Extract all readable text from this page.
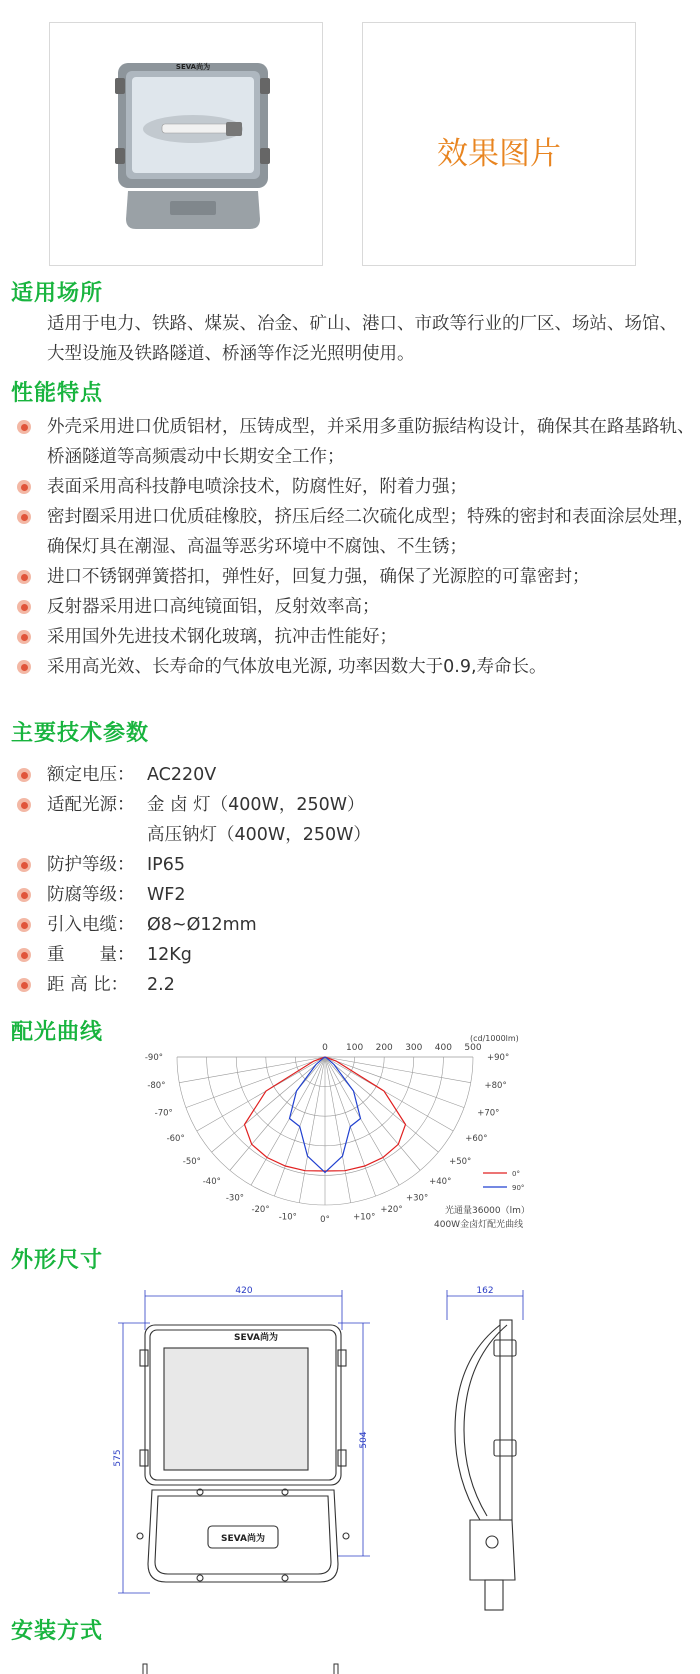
SEVA尚为
效果图片
适用场所
适用于电力、铁路、煤炭、冶金、矿山、港口、市政等行业的厂区、场站、场馆、大型设施及铁路隧道、桥涵等作泛光照明使用。
性能特点
外壳采用进口优质铝材，压铸成型，并采用多重防振结构设计，确保其在路基路轨、桥涵隧道等高频震动中长期安全工作；
表面采用高科技静电喷涂技术，防腐性好，附着力强；
密封圈采用进口优质硅橡胶，挤压后经二次硫化成型；特殊的密封和表面涂层处理，确保灯具在潮湿、高温等恶劣环境中不腐蚀、不生锈；
进口不锈钢弹簧搭扣，弹性好，回复力强，确保了光源腔的可靠密封；
反射器采用进口高纯镜面铝，反射效率高；
采用国外先进技术钢化玻璃，抗冲击性能好；
采用高光效、长寿命的气体放电光源, 功率因数大于0.9,寿命长。
主要技术参数
额定电压： AC220V
适配光源： 金 卤 灯（400W，250W）
高压钠灯（400W，250W）
防护等级： IP65
防腐等级： WF2
引入电缆： Ø8~Ø12mm
重　　量： 12Kg
距 高 比： 2.2
配光曲线
0 100 200 300 400 500
-90°
-80°
-70°
-60°
-50°
-40°
-30°
-20°
-10°	0°	+10°
+20°
+30°
+40°
+50°
+60°
+70°
+80°
+90°
0°
90°
(cd/1000lm)
光通量36000（lm）
400W金卤灯配光曲线
外形尺寸
420	162
575
504
SEVA尚为
SEVA尚为
安装方式
